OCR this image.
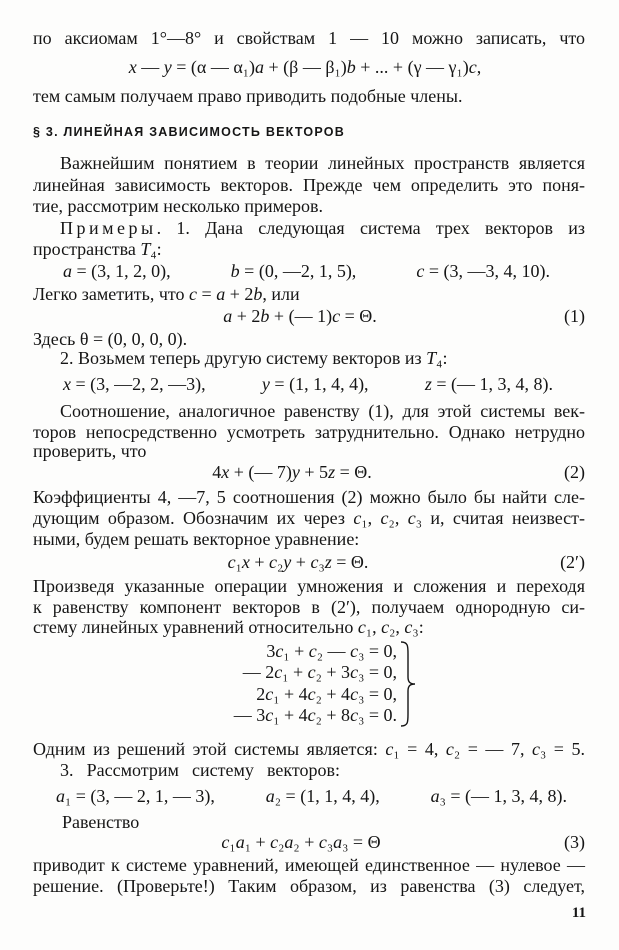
11
по аксиомам 1°—8° и свойствам 1 — 10 можно записать, что
x — y = (α — α₁)a + (β — β₁)b + ... + (γ — γ₁)c,
тем самым получаем право приводить подобные члены.
§ 3. ЛИНЕЙНАЯ ЗАВИСИМОСТЬ ВЕКТОРОВ
Важнейшим понятием в теории линейных пространств является
линейная зависимость векторов. Прежде чем определить это поня-
тие, рассмотрим несколько примеров.
Примеры. 1. Дана следующая система трех векторов из
пространства T₄:
a = (3, 1, 2, 0),	b = (0, —2, 1, 5),	c = (3, —3, 4, 10).
Легко заметить, что c = a + 2b, или
a + 2b + (— 1)c = Θ.	(1)
Здесь θ = (0, 0, 0, 0).
2. Возьмем теперь другую систему векторов из T₄:
x = (3, —2, 2, —3),	y = (1, 1, 4, 4),	z = (— 1, 3, 4, 8).
Соотношение, аналогичное равенству (1), для этой системы век-
торов непосредственно усмотреть затруднительно. Однако нетрудно
проверить, что
4x + (— 7)y + 5z = Θ.	(2)
Коэффициенты 4, —7, 5 соотношения (2) можно было бы найти сле-
дующим образом. Обозначим их через c₁, c₂, c₃ и, считая неизвест-
ными, будем решать векторное уравнение:
c₁x + c₂y + c₃z = Θ.	(2′)
Произведя указанные операции умножения и сложения и переходя
к равенству компонент векторов в (2′), получаем однородную си-
стему линейных уравнений относительно c₁, c₂, c₃:
3c₁ + c₂ — c₃ = 0,
— 2c₁ + c₂ + 3c₃ = 0,
2c₁ + 4c₂ + 4c₃ = 0,
— 3c₁ + 4c₂ + 8c₃ = 0.
Одним из решений этой системы является: c₁ = 4, c₂ = — 7, c₃ = 5.
3. Рассмотрим систему векторов:
a₁ = (3, — 2, 1, — 3),	a₂ = (1, 1, 4, 4),	a₃ = (— 1, 3, 4, 8).
Равенство
c₁a₁ + c₂a₂ + c₃a₃ = Θ	(3)
приводит к системе уравнений, имеющей единственное — нулевое —
решение. (Проверьте!) Таким образом, из равенства (3) следует,
